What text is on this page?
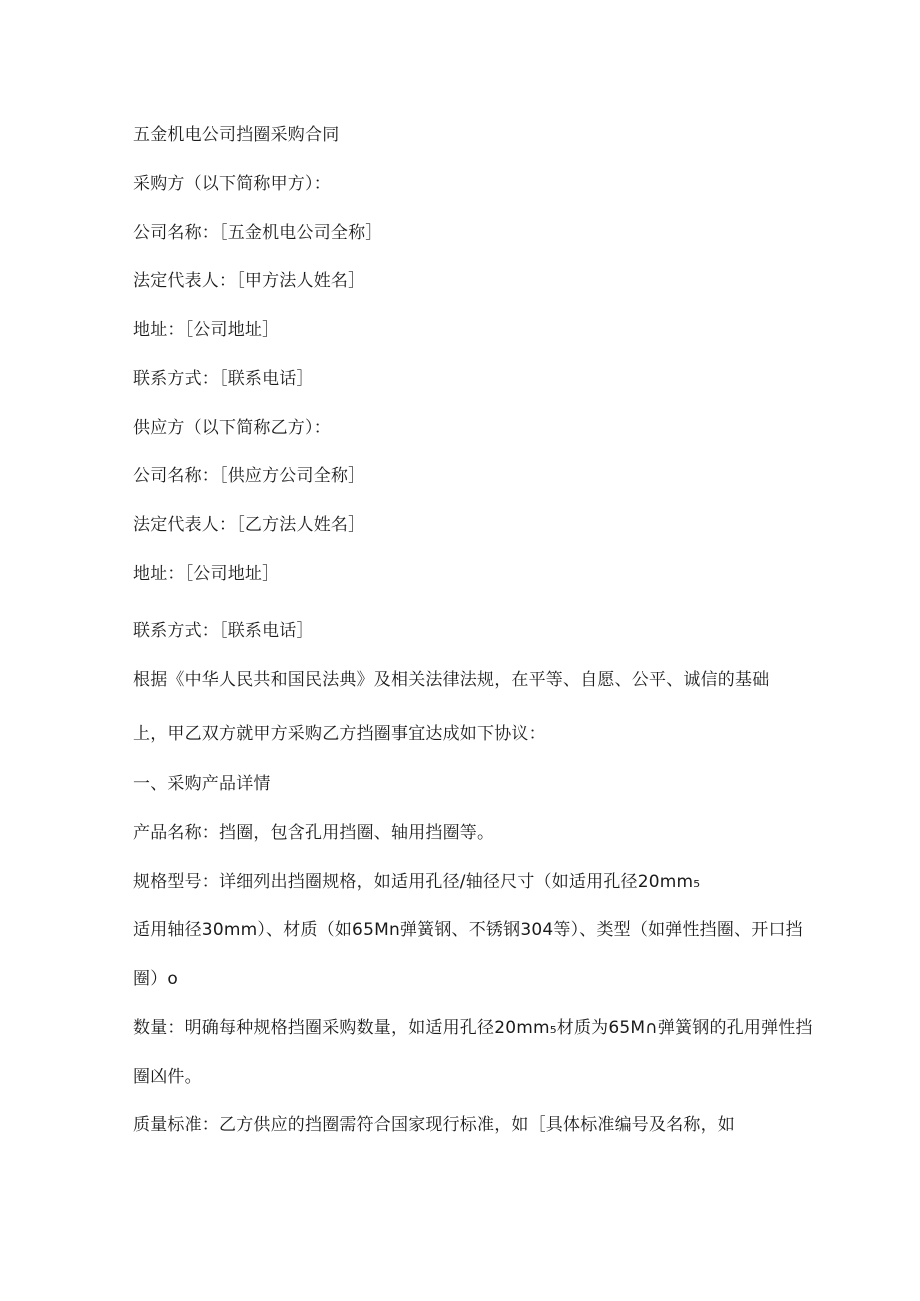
五金机电公司挡圈采购合同
采购方（以下简称甲方）：
公司名称：［五金机电公司全称］
法定代表人：［甲方法人姓名］
地址：［公司地址］
联系方式：［联系电话］
供应方（以下简称乙方）：
公司名称：［供应方公司全称］
法定代表人：［乙方法人姓名］
地址：［公司地址］
联系方式：［联系电话］
根据《中华人民共和国民法典》及相关法律法规，在平等、自愿、公平、诚信的基础
上，甲乙双方就甲方采购乙方挡圈事宜达成如下协议：
一、采购产品详情
产品名称：挡圈，包含孔用挡圈、轴用挡圈等。
规格型号：详细列出挡圈规格，如适用孔径/轴径尺寸（如适用孔径20mm₅
适用轴径30mm）、材质（如65Mn弹簧钢、不锈钢304等）、类型（如弹性挡圈、开口挡
圈）o
数量：明确每种规格挡圈采购数量，如适用孔径20mm₅材质为65M∩弹簧钢的孔用弹性挡
圈凶件。
质量标准：乙方供应的挡圈需符合国家现行标准，如［具体标准编号及名称，如
